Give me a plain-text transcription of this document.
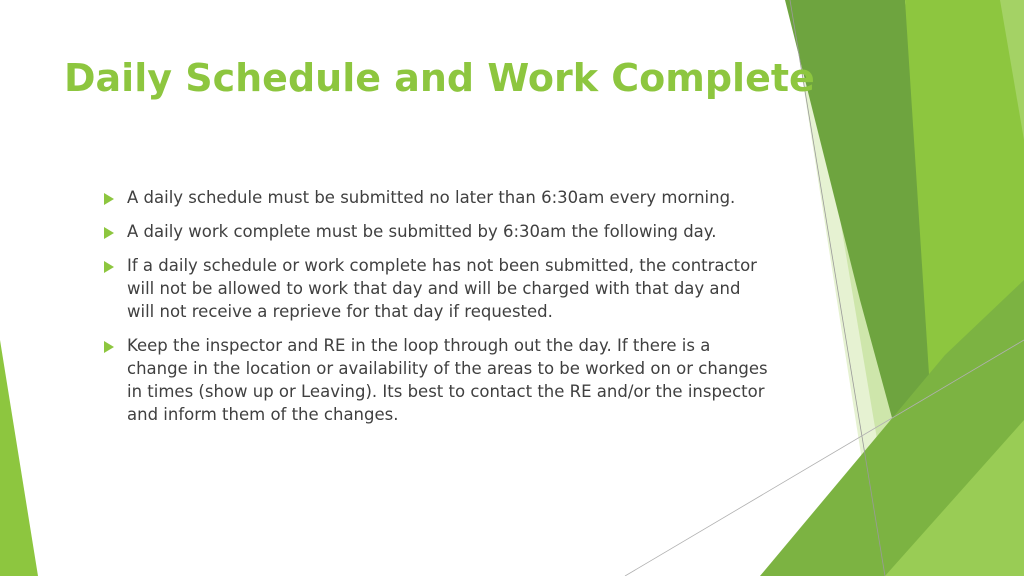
Daily Schedule and Work Complete
A daily schedule must be submitted no later than 6:30am every morning.
A daily work complete must be submitted by 6:30am the following day.
If a daily schedule or work complete has not been submitted, the contractor will not be allowed to work that day and will be charged with that day and will not receive a reprieve for that day if requested.
Keep the inspector and RE in the loop through out the day. If there is a change in the location or availability of the areas to be worked on or changes in times (show up or Leaving). Its best to contact the RE and/or the inspector and inform them of the changes.
